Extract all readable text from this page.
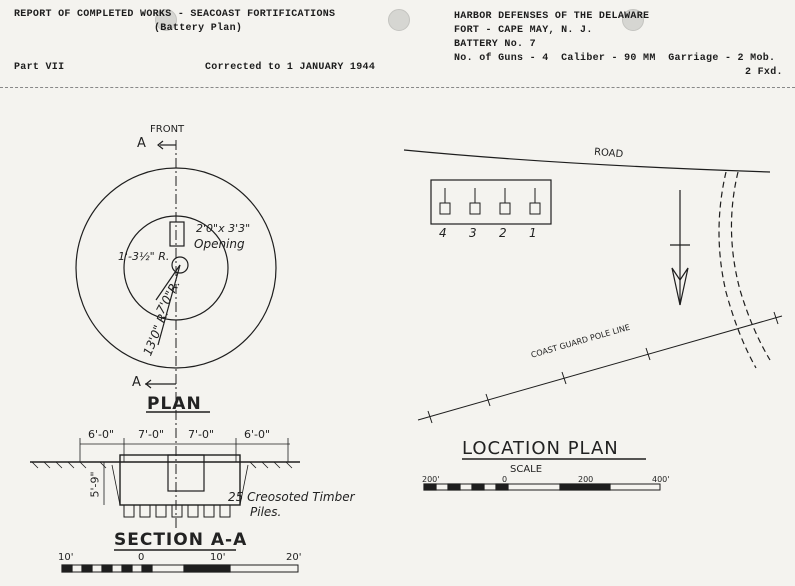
REPORT OF COMPLETED WORKS - SEACOAST FORTIFICATIONS
(Battery Plan)
Part VII	Corrected to 1 JANUARY 1944
HARBOR DEFENSES OF THE DELAWARE
FORT - CAPE MAY, N. J.
BATTERY No. 7
No. of Guns - 4  Caliber - 90 MM  Garriage - 2 Mob.
2 Fxd.
FRONT
A
A
2'0"x 3'3"
Opening
1'-3½" R.
7'0"R.
13'0" R.
PLAN
6'-0" 7'-0" 7'-0"	6'-0"
5'-9"	25 Creosoted Timber
Piles.
SECTION A-A
10'	0	10'	20'
ROAD
4 3 2 1
COAST GUARD POLE LINE
LOCATION PLAN
SCALE
200'	0	200	400'
